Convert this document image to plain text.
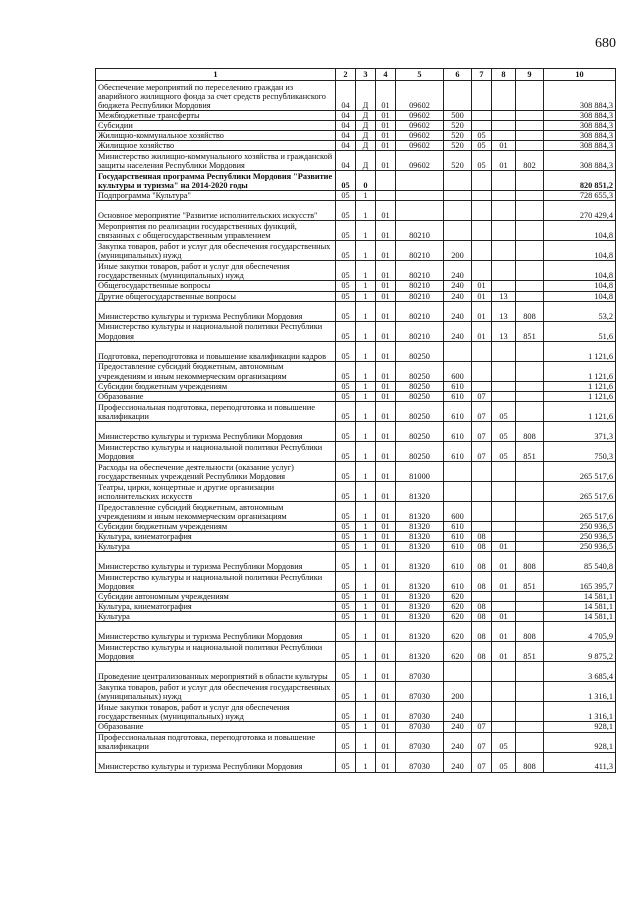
680
1	2	3	4	5	6	7	8	9	10
Обеспечение мероприятий по переселению граждан из аварийного жилищного фонда за счет средств республиканского бюджета Республики Мордовия	04	Д	01	09602					308 884,3
Межбюджетные трансферты	04	Д	01	09602	500				308 884,3
Субсидии	04	Д	01	09602	520				308 884,3
Жилищно-коммунальное хозяйство	04	Д	01	09602	520	05			308 884,3
Жилищное хозяйство	04	Д	01	09602	520	05	01		308 884,3
Министерство жилищно-коммунального хозяйства и гражданской защиты населения Республики Мордовия	04	Д	01	09602	520	05	01	802	308 884,3
Государственная программа Республики Мордовия "Развитие культуры и туризма" на 2014-2020 годы	05	0							820 851,2
Подпрограмма "Культура"	05	1							728 655,3
Основное мероприятие "Развитие исполнительских искусств"	05	1	01						270 429,4
Мероприятия по реализации государственных функций, связанных с общегосударственным управлением	05	1	01	80210					104,8
Закупка товаров, работ и услуг для обеспечения государственных (муниципальных) нужд	05	1	01	80210	200				104,8
Иные закупки товаров, работ и услуг для обеспечения государственных (муниципальных) нужд	05	1	01	80210	240				104,8
Общегосударственные вопросы	05	1	01	80210	240	01			104,8
Другие общегосударственные вопросы	05	1	01	80210	240	01	13		104,8
Министерство культуры и туризма Республики Мордовия	05	1	01	80210	240	01	13	808	53,2
Министерство культуры и национальной политики Республики Мордовия	05	1	01	80210	240	01	13	851	51,6
Подготовка, переподготовка и повышение квалификации кадров	05	1	01	80250					1 121,6
Предоставление субсидий бюджетным, автономным учреждениям и иным некоммерческим организациям	05	1	01	80250	600				1 121,6
Субсидии бюджетным учреждениям	05	1	01	80250	610				1 121,6
Образование	05	1	01	80250	610	07			1 121,6
Профессиональная подготовка, переподготовка и повышение квалификации	05	1	01	80250	610	07	05		1 121,6
Министерство культуры и туризма Республики Мордовия	05	1	01	80250	610	07	05	808	371,3
Министерство культуры и национальной политики Республики Мордовия	05	1	01	80250	610	07	05	851	750,3
Расходы на обеспечение деятельности (оказание услуг) государственных учреждений Республики Мордовия	05	1	01	81000					265 517,6
Театры, цирки, концертные и другие организации исполнительских искусств	05	1	01	81320					265 517,6
Предоставление субсидий бюджетным, автономным учреждениям и иным некоммерческим организациям	05	1	01	81320	600				265 517,6
Субсидии бюджетным учреждениям	05	1	01	81320	610				250 936,5
Культура, кинематография	05	1	01	81320	610	08			250 936,5
Культура	05	1	01	81320	610	08	01		250 936,5
Министерство культуры и туризма Республики Мордовия	05	1	01	81320	610	08	01	808	85 540,8
Министерство культуры и национальной политики Республики Мордовия	05	1	01	81320	610	08	01	851	165 395,7
Субсидии автономным учреждениям	05	1	01	81320	620				14 581,1
Культура, кинематография	05	1	01	81320	620	08			14 581,1
Культура	05	1	01	81320	620	08	01		14 581,1
Министерство культуры и туризма Республики Мордовия	05	1	01	81320	620	08	01	808	4 705,9
Министерство культуры и национальной политики Республики Мордовия	05	1	01	81320	620	08	01	851	9 875,2
Проведение централизованных мероприятий в области культуры	05	1	01	87030					3 685,4
Закупка товаров, работ и услуг для обеспечения государственных (муниципальных) нужд	05	1	01	87030	200				1 316,1
Иные закупки товаров, работ и услуг для обеспечения государственных (муниципальных) нужд	05	1	01	87030	240				1 316,1
Образование	05	1	01	87030	240	07			928,1
Профессиональная подготовка, переподготовка и повышение квалификации	05	1	01	87030	240	07	05		928,1
Министерство культуры и туризма Республики Мордовия	05	1	01	87030	240	07	05	808	411,3
